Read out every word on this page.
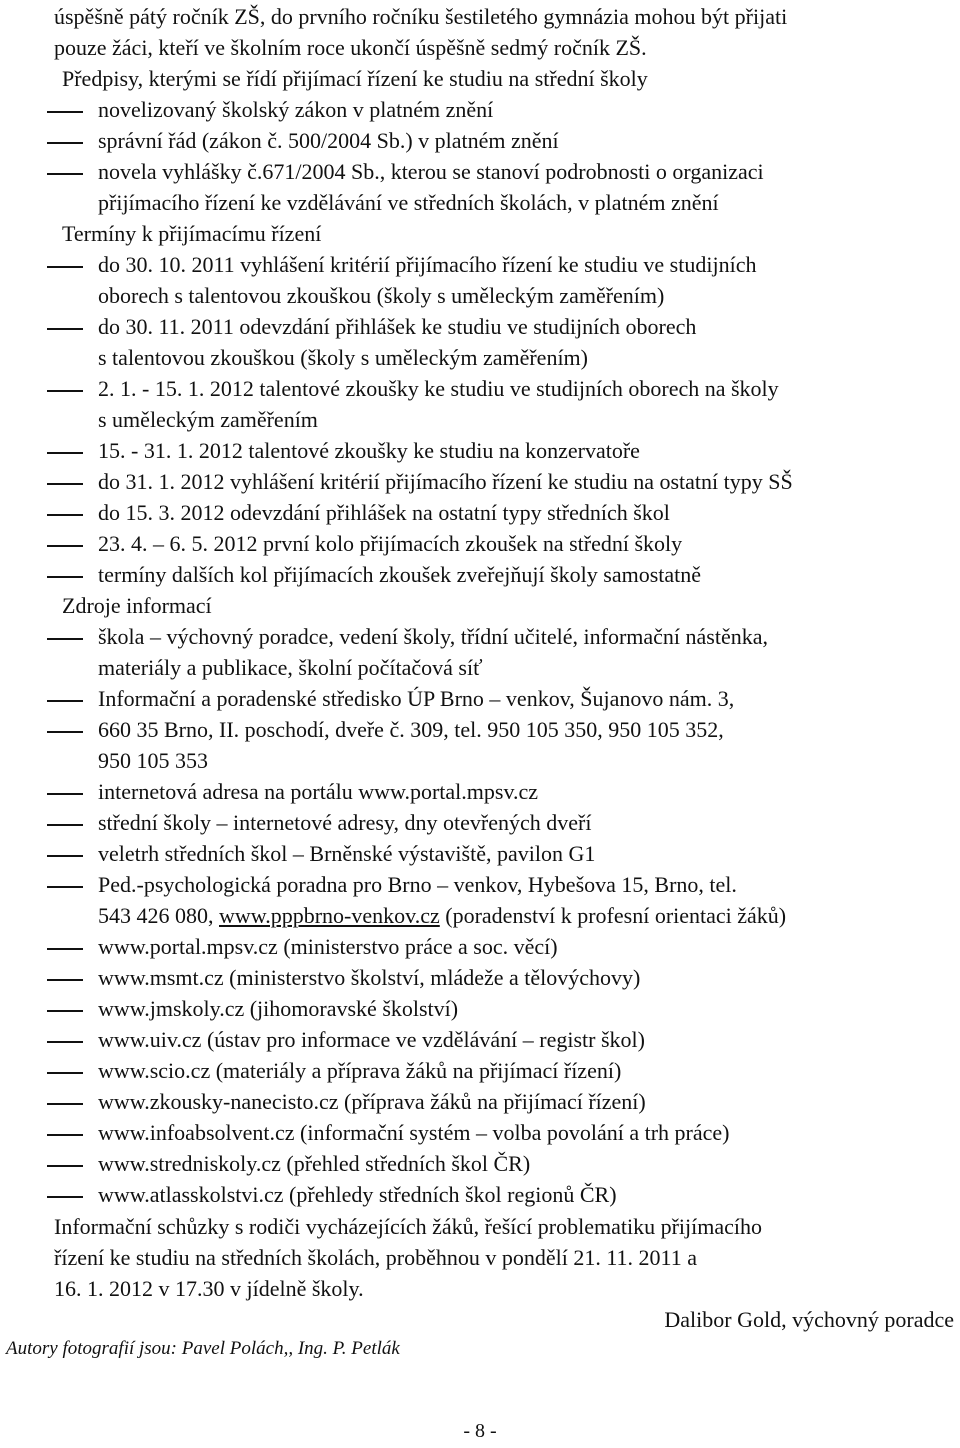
úspěšně pátý ročník ZŠ, do prvního ročníku šestiletého gymnázia mohou být přijati
pouze žáci, kteří ve školním roce ukončí úspěšně sedmý ročník ZŠ.
Předpisy, kterými se řídí přijímací řízení ke studiu na střední školy
novelizovaný školský zákon v platném znění
správní řád (zákon č. 500/2004 Sb.) v platném znění
novela vyhlášky č.671/2004 Sb., kterou se stanoví podrobnosti o organizaci
přijímacího řízení ke vzdělávání ve středních školách, v platném znění
Termíny k přijímacímu řízení
do 30. 10. 2011 vyhlášení kritérií přijímacího řízení ke studiu ve studijních
oborech s talentovou zkouškou (školy s uměleckým zaměřením)
do 30. 11. 2011 odevzdání přihlášek ke studiu ve studijních oborech
s talentovou zkouškou (školy s uměleckým zaměřením)
2. 1. - 15. 1. 2012 talentové zkoušky ke studiu ve studijních oborech na školy
s uměleckým zaměřením
15. - 31. 1. 2012 talentové zkoušky ke studiu na konzervatoře
do 31. 1. 2012 vyhlášení kritérií přijímacího řízení ke studiu na ostatní typy SŠ
do 15. 3. 2012 odevzdání přihlášek na ostatní typy středních škol
23. 4. – 6. 5. 2012 první kolo přijímacích zkoušek na střední školy
termíny dalších kol přijímacích zkoušek zveřejňují školy samostatně
Zdroje informací
škola – výchovný poradce, vedení školy, třídní učitelé, informační nástěnka,
materiály a publikace, školní počítačová síť
Informační a poradenské středisko ÚP Brno – venkov, Šujanovo nám. 3,
660 35 Brno, II. poschodí, dveře č. 309, tel. 950 105 350, 950 105 352,
950 105 353
internetová adresa na portálu www.portal.mpsv.cz
střední školy – internetové adresy, dny otevřených dveří
veletrh středních škol – Brněnské výstaviště, pavilon G1
Ped.-psychologická poradna pro Brno – venkov, Hybešova 15, Brno, tel.
543 426 080, www.pppbrno-venkov.cz (poradenství k profesní orientaci žáků)
www.portal.mpsv.cz (ministerstvo práce a soc. věcí)
www.msmt.cz (ministerstvo školství, mládeže a tělovýchovy)
www.jmskoly.cz (jihomoravské školství)
www.uiv.cz (ústav pro informace ve vzdělávání – registr škol)
www.scio.cz (materiály a příprava žáků na přijímací řízení)
www.zkousky-nanecisto.cz (příprava žáků na přijímací řízení)
www.infoabsolvent.cz (informační systém – volba povolání a trh práce)
www.stredniskoly.cz (přehled středních škol ČR)
www.atlasskolstvi.cz (přehledy středních škol regionů ČR)
Informační schůzky s rodiči vycházejících žáků, řešící problematiku přijímacího
řízení ke studiu na středních školách, proběhnou v pondělí 21. 11. 2011 a
16. 1. 2012 v 17.30 v jídelně školy.
Dalibor Gold, výchovný poradce
Autory fotografií jsou: Pavel Polách,, Ing. P. Petlák
- 8 -
